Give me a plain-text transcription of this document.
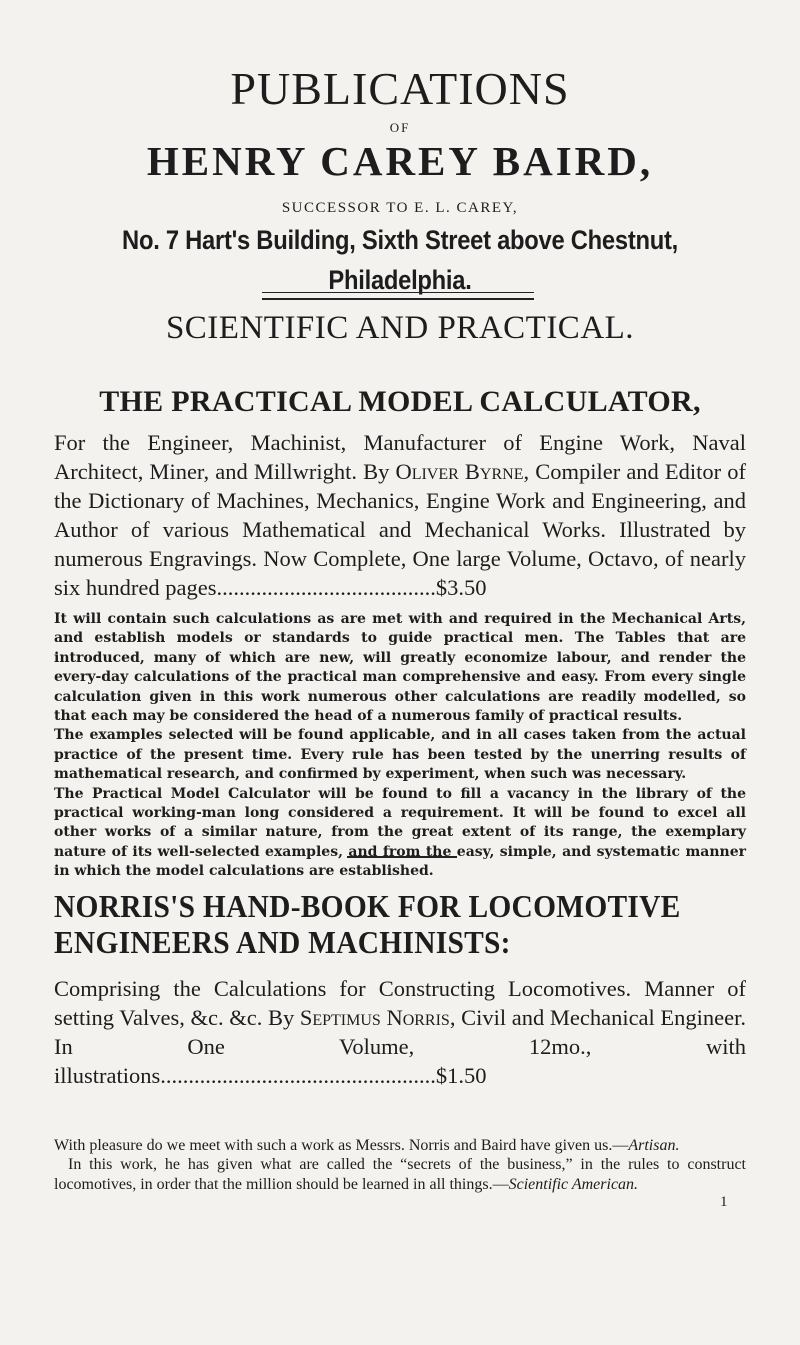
PUBLICATIONS
OF
HENRY CAREY BAIRD,
SUCCESSOR TO E. L. CAREY,
No. 7 Hart's Building, Sixth Street above Chestnut, Philadelphia.
SCIENTIFIC AND PRACTICAL.
THE PRACTICAL MODEL CALCULATOR,
For the Engineer, Machinist, Manufacturer of Engine Work, Naval Architect, Miner, and Millwright. By Oliver Byrne, Compiler and Editor of the Dictionary of Machines, Mechanics, Engine Work and Engineering, and Author of various Mathematical and Mechanical Works. Illustrated by numerous Engravings. Now Complete, One large Volume, Octavo, of nearly six hundred pages.......................................$3.50

It will contain such calculations as are met with and required in the Mechanical Arts, and establish models or standards to guide practical men. The Tables that are introduced, many of which are new, will greatly economize labour, and render the every-day calculations of the practical man comprehensive and easy. From every single calculation given in this work numerous other calculations are readily modelled, so that each may be considered the head of a numerous family of practical results.

The examples selected will be found applicable, and in all cases taken from the actual practice of the present time. Every rule has been tested by the unerring results of mathematical research, and confirmed by experiment, when such was necessary.

The Practical Model Calculator will be found to fill a vacancy in the library of the practical working-man long considered a requirement. It will be found to excel all other works of a similar nature, from the great extent of its range, the exemplary nature of its well-selected examples, and from the easy, simple, and systematic manner in which the model calculations are established.

NORRIS'S HAND-BOOK FOR LOCOMOTIVE ENGINEERS AND MACHINISTS:
Comprising the Calculations for Constructing Locomotives. Manner of setting Valves, &c. &c. By Septimus Norris, Civil and Mechanical Engineer. In One Volume, 12mo., with illustrations.................................................$1.50

With pleasure do we meet with such a work as Messrs. Norris and Baird have given us.—Artisan.

In this work, he has given what are called the “secrets of the business,” in the rules to construct locomotives, in order that the million should be learned in all things.—Scientific American.

1
